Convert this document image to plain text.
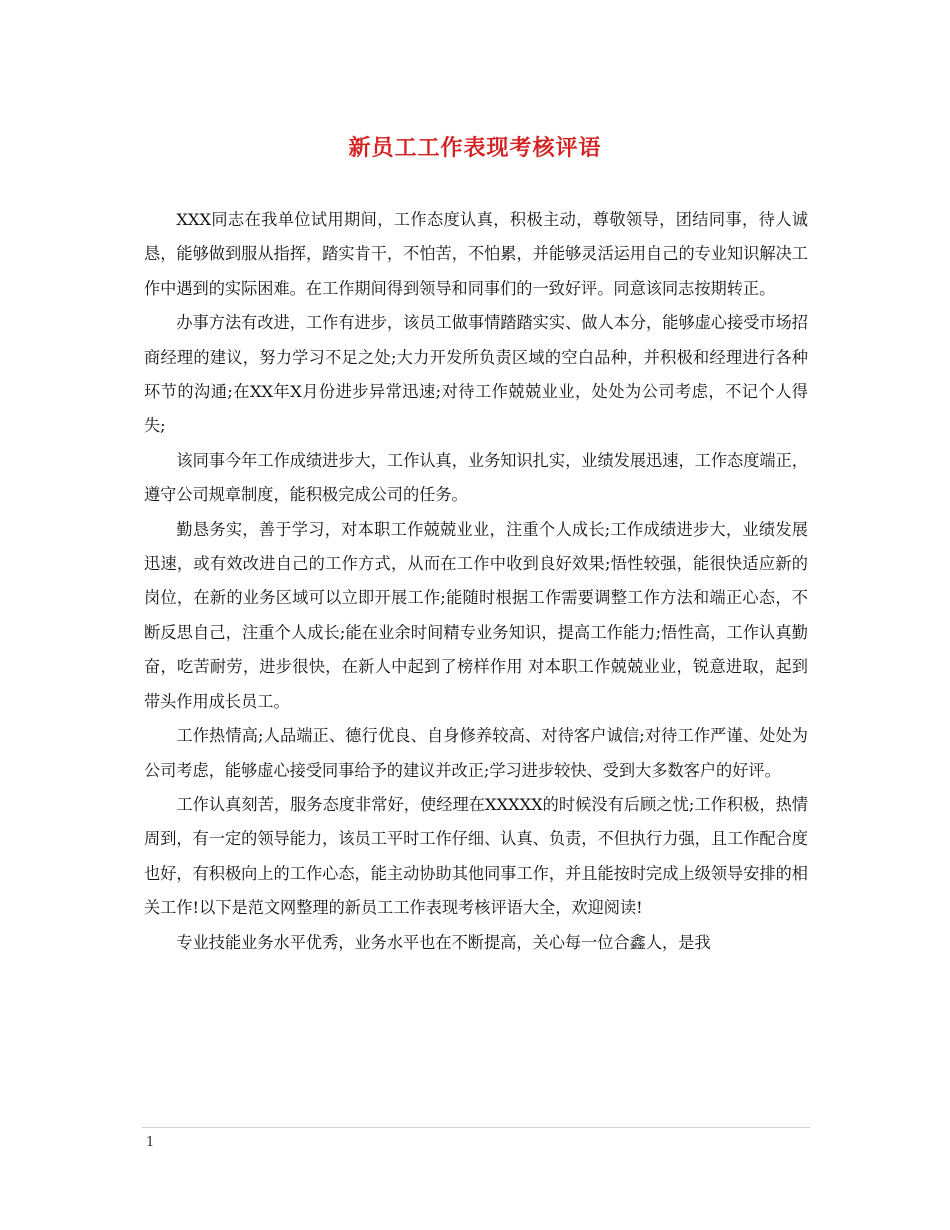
新员工工作表现考核评语

XXX同志在我单位试用期间，工作态度认真，积极主动，尊敬领导，团结同事，待人诚恳，能够做到服从指挥，踏实肯干，不怕苦，不怕累，并能够灵活运用自己的专业知识解决工作中遇到的实际困难。在工作期间得到领导和同事们的一致好评。同意该同志按期转正。

办事方法有改进，工作有进步，该员工做事情踏踏实实、做人本分，能够虚心接受市场招商经理的建议，努力学习不足之处;大力开发所负责区域的空白品种，并积极和经理进行各种环节的沟通;在XX年X月份进步异常迅速;对待工作兢兢业业，处处为公司考虑，不记个人得失;

该同事今年工作成绩进步大，工作认真，业务知识扎实，业绩发展迅速，工作态度端正，遵守公司规章制度，能积极完成公司的任务。

勤恳务实，善于学习，对本职工作兢兢业业，注重个人成长;工作成绩进步大，业绩发展迅速，或有效改进自己的工作方式，从而在工作中收到良好效果;悟性较强，能很快适应新的岗位，在新的业务区域可以立即开展工作;能随时根据工作需要调整工作方法和端正心态，不断反思自己，注重个人成长;能在业余时间精专业务知识，提高工作能力;悟性高，工作认真勤奋，吃苦耐劳，进步很快，在新人中起到了榜样作用 对本职工作兢兢业业，锐意进取，起到带头作用成长员工。

工作热情高;人品端正、德行优良、自身修养较高、对待客户诚信;对待工作严谨、处处为公司考虑，能够虚心接受同事给予的建议并改正;学习进步较快、受到大多数客户的好评。

工作认真刻苦，服务态度非常好，使经理在XXXXX的时候没有后顾之忧;工作积极，热情周到，有一定的领导能力，该员工平时工作仔细、认真、负责，不但执行力强，且工作配合度也好，有积极向上的工作心态，能主动协助其他同事工作，并且能按时完成上级领导安排的相关工作!以下是范文网整理的新员工工作表现考核评语大全，欢迎阅读!

专业技能业务水平优秀，业务水平也在不断提高，关心每一位合鑫人，是我

1
